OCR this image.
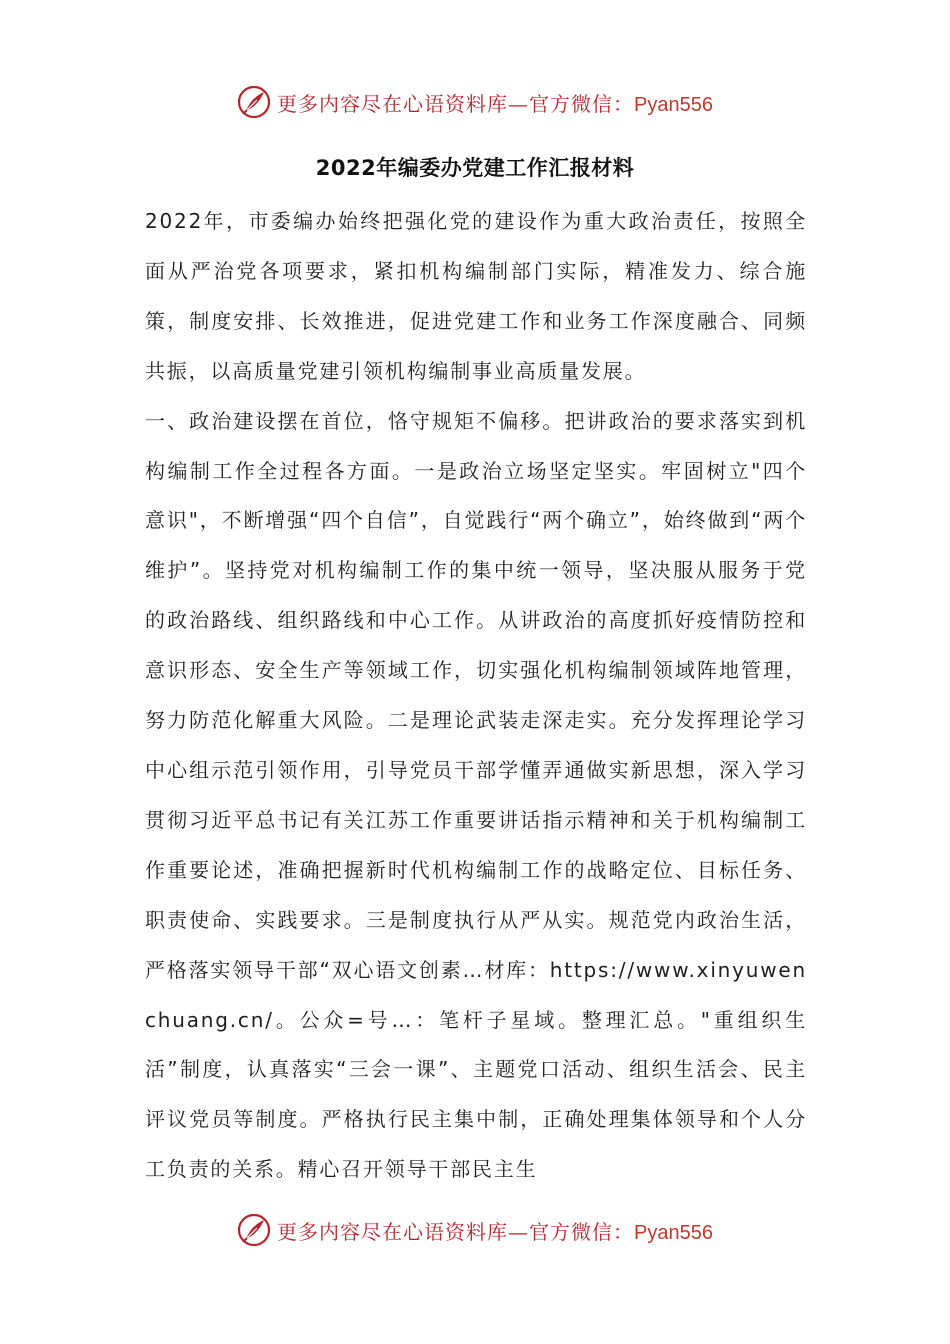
更多内容尽在心语资料库—官方微信：Pyan556
2022年编委办党建工作汇报材料

2022年，市委编办始终把强化党的建设作为重大政治责任，按照全面从严治党各项要求，紧扣机构编制部门实际，精准发力、综合施策，制度安排、长效推进，促进党建工作和业务工作深度融合、同频共振，以高质量党建引领机构编制事业高质量发展。

一、政治建设摆在首位，恪守规矩不偏移。把讲政治的要求落实到机构编制工作全过程各方面。一是政治立场坚定坚实。牢固树立"四个意识"，不断增强“四个自信”，自觉践行“两个确立”，始终做到“两个维护”。坚持党对机构编制工作的集中统一领导，坚决服从服务于党的政治路线、组织路线和中心工作。从讲政治的高度抓好疫情防控和意识形态、安全生产等领域工作，切实强化机构编制领域阵地管理，努力防范化解重大风险。二是理论武装走深走实。充分发挥理论学习中心组示范引领作用，引导党员干部学懂弄通做实新思想，深入学习贯彻习近平总书记有关江苏工作重要讲话指示精神和关于机构编制工作重要论述，准确把握新时代机构编制工作的战略定位、目标任务、职责使命、实践要求。三是制度执行从严从实。规范党内政治生活，严格落实领导干部“双心语文创素…材库：https://www.xinyuwenchuang.cn/。公众=号…：笔杆子星域。整理汇总。"重组织生活”制度，认真落实“三会一课”、主题党口活动、组织生活会、民主评议党员等制度。严格执行民主集中制，正确处理集体领导和个人分工负责的关系。精心召开领导干部民主生

更多内容尽在心语资料库—官方微信：Pyan556
